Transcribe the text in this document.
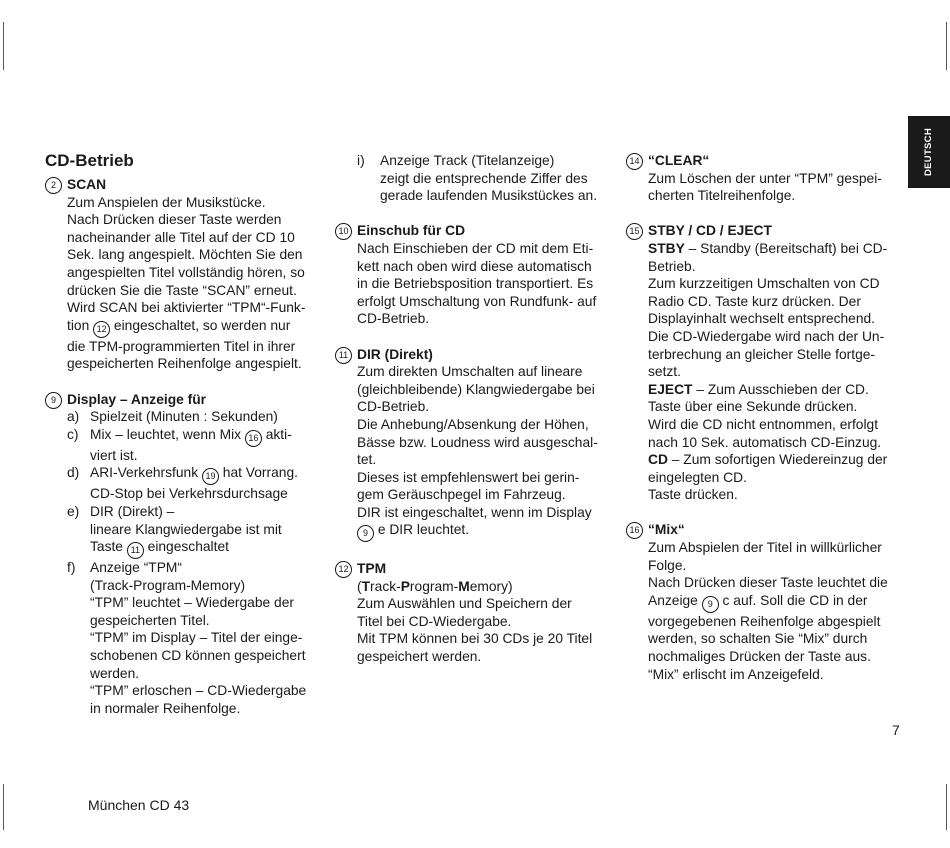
DEUTSCH
CD-Betrieb
2 SCAN
Zum Anspielen der Musikstücke.
Nach Drücken dieser Taste werden
nacheinander alle Titel auf der CD 10
Sek. lang angespielt. Möchten Sie den
angespielten Titel vollständig hören, so
drücken Sie die Taste “SCAN” erneut.
Wird SCAN bei aktivierter “TPM“-Funk-
tion 12 eingeschaltet, so werden nur
die TPM-programmierten Titel in ihrer
gespeicherten Reihenfolge angespielt.
9 Display – Anzeige für
a) Spielzeit (Minuten : Sekunden)
c) Mix – leuchtet, wenn Mix 16 akti-
viert ist.
d) ARI-Verkehrsfunk 19 hat Vorrang.
CD-Stop bei Verkehrsdurchsage
e) DIR (Direkt) –
lineare Klangwiedergabe ist mit
Taste 11 eingeschaltet
f) Anzeige “TPM“
(Track-Program-Memory)
“TPM” leuchtet – Wiedergabe der
gespeicherten Titel.
“TPM” im Display – Titel der einge-
schobenen CD können gespeichert
werden.
“TPM” erloschen – CD-Wiedergabe
in normaler Reihenfolge.
i) Anzeige Track (Titelanzeige)
zeigt die entsprechende Ziffer des
gerade laufenden Musikstückes an.
10 Einschub für CD
Nach Einschieben der CD mit dem Eti-
kett nach oben wird diese automatisch
in die Betriebsposition transportiert. Es
erfolgt Umschaltung von Rundfunk- auf
CD-Betrieb.
11 DIR (Direkt)
Zum direkten Umschalten auf lineare
(gleichbleibende) Klangwiedergabe bei
CD-Betrieb.
Die Anhebung/Absenkung der Höhen,
Bässe bzw. Loudness wird ausgeschal-
tet.
Dieses ist empfehlenswert bei gerin-
gem Geräuschpegel im Fahrzeug.
DIR ist eingeschaltet, wenn im Display
9 e DIR leuchtet.
12 TPM
(Track-Program-Memory)
Zum Auswählen und Speichern der
Titel bei CD-Wiedergabe.
Mit TPM können bei 30 CDs je 20 Titel
gespeichert werden.
14 “CLEAR“
Zum Löschen der unter “TPM” gespei-
cherten Titelreihenfolge.
15 STBY / CD / EJECT
STBY – Standby (Bereitschaft) bei CD-
Betrieb.
Zum kurzzeitigen Umschalten von CD
Radio CD. Taste kurz drücken. Der
Displayinhalt wechselt entsprechend.
Die CD-Wiedergabe wird nach der Un-
terbrechung an gleicher Stelle fortge-
setzt.
EJECT – Zum Ausschieben der CD.
Taste über eine Sekunde drücken.
Wird die CD nicht entnommen, erfolgt
nach 10 Sek. automatisch CD-Einzug.
CD – Zum sofortigen Wiedereinzug der
eingelegten CD.
Taste drücken.
16 “Mix“
Zum Abspielen der Titel in willkürlicher
Folge.
Nach Drücken dieser Taste leuchtet die
Anzeige 9 c auf. Soll die CD in der
vorgegebenen Reihenfolge abgespielt
werden, so schalten Sie “Mix” durch
nochmaliges Drücken der Taste aus.
“Mix” erlischt im Anzeigefeld.
7
München CD 43
